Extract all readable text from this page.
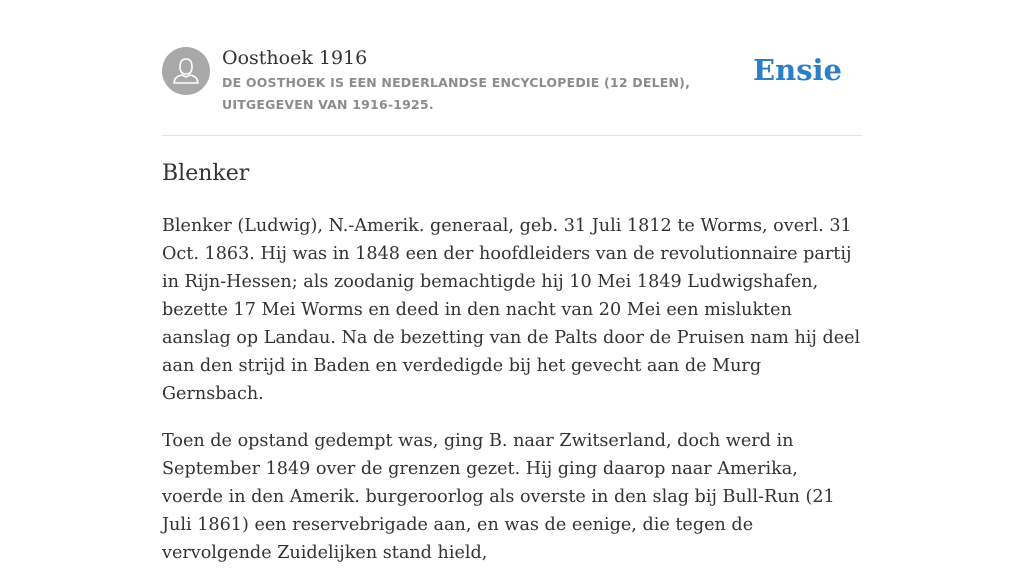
Oosthoek 1916
DE OOSTHOEK IS EEN NEDERLANDSE ENCYCLOPEDIE (12 DELEN), UITGEGEVEN VAN 1916-1925.
Ensie
Blenker

Blenker (Ludwig), N.-Amerik. generaal, geb. 31 Juli 1812 te Worms, overl. 31 Oct. 1863. Hij was in 1848 een der hoofdleiders van de revolutionnaire partij in Rijn-Hessen; als zoodanig bemachtigde hij 10 Mei 1849 Ludwigshafen, bezette 17 Mei Worms en deed in den nacht van 20 Mei een mislukten aanslag op Landau. Na de bezetting van de Palts door de Pruisen nam hij deel aan den strijd in Baden en verdedigde bij het gevecht aan de Murg Gernsbach.

Toen de opstand gedempt was, ging B. naar Zwitserland, doch werd in September 1849 over de grenzen gezet. Hij ging daarop naar Amerika, voerde in den Amerik. burgeroorlog als overste in den slag bij Bull-Run (21 Juli 1861) een reservebrigade aan, en was de eenige, die tegen de vervolgende Zuidelijken stand hield,
